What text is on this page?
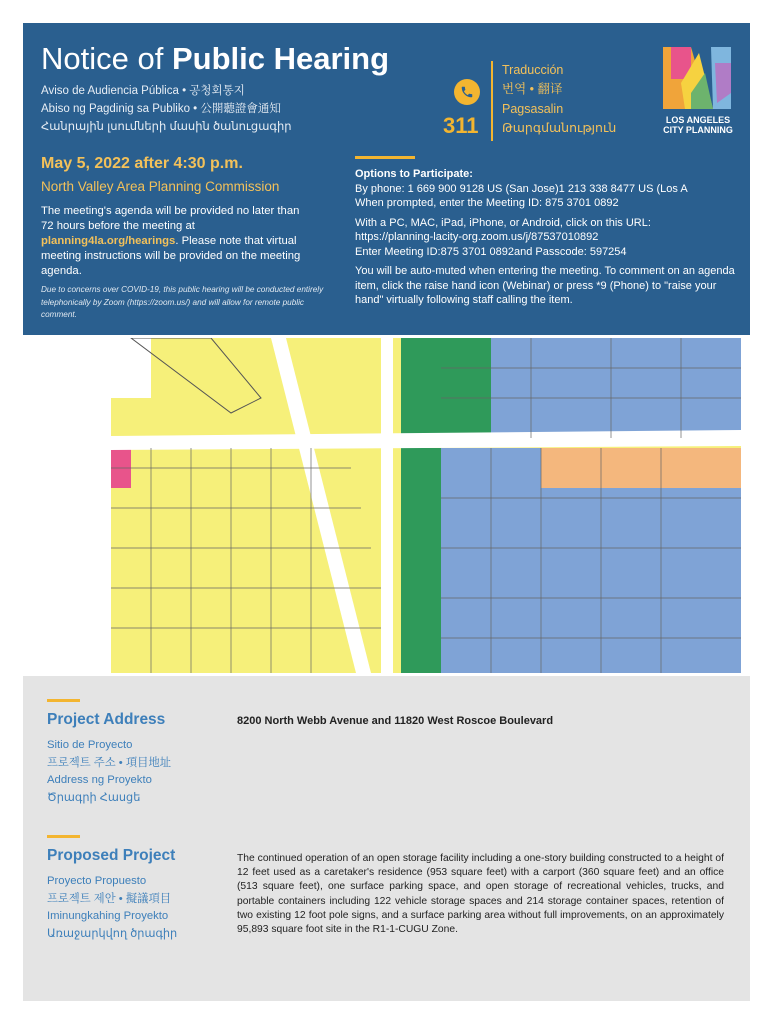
Notice of Public Hearing
Aviso de Audiencia Pública • 공청회통지
Abiso ng Pagdinig sa Publiko • 公開聽證會通知
Հանրային լսումների մասին ծանուցագիր	311
Traducción
번역 • 翻译
Pagsasalin
Թարգմանություն
LOS ANGELES
CITY PLANNING
May 5, 2022 after 4:30 p.m.
North Valley Area Planning Commission
The meeting's agenda will be provided no later than 72 hours before the meeting at planning4la.org/hearings. Please note that virtual meeting instructions will be provided on the meeting agenda.
Due to concerns over COVID-19, this public hearing will be conducted entirely telephonically by Zoom (https://zoom.us/) and will allow for remote public comment.

Options to Participate:

By phone: 1 669 900 9128 US (San Jose)1 213 338 8477 US (Los A

When prompted, enter the Meeting ID: 875 3701 0892

With a PC, MAC, iPad, iPhone, or Android, click on this URL:

https://planning-lacity-org.zoom.us/j/87537010892

Enter Meeting ID:875 3701 0892and Passcode: 597254

You will be auto-muted when entering the meeting. To comment on an agenda item, click the raise hand icon (Webinar) or press *9 (Phone) to "raise your hand" virtually following staff calling the item.

Project Address
Sitio de Proyecto
프로젝트 주소 • 項目地址
Address ng Proyekto
Ծրագրի Հասցե
8200 North Webb Avenue and 11820 West Roscoe Boulevard
Proposed Project
Proyecto Propuesto
프로젝트 제안 • 擬議項目
Iminungkahing Proyekto
Առաջարկվող ծրագիր
The continued operation of an open storage facility including a one-story building constructed to a height of 12 feet used as a caretaker's residence (953 square feet) with a carport (360 square feet) and an office (513 square feet), one surface parking space, and open storage of recreational vehicles, trucks, and portable containers including 122 vehicle storage spaces and 214 storage container spaces, retention of two existing 12 foot pole signs, and a surface parking area without full improvements, on an approximately 95,893 square foot site in the R1-1-CUGU Zone.
